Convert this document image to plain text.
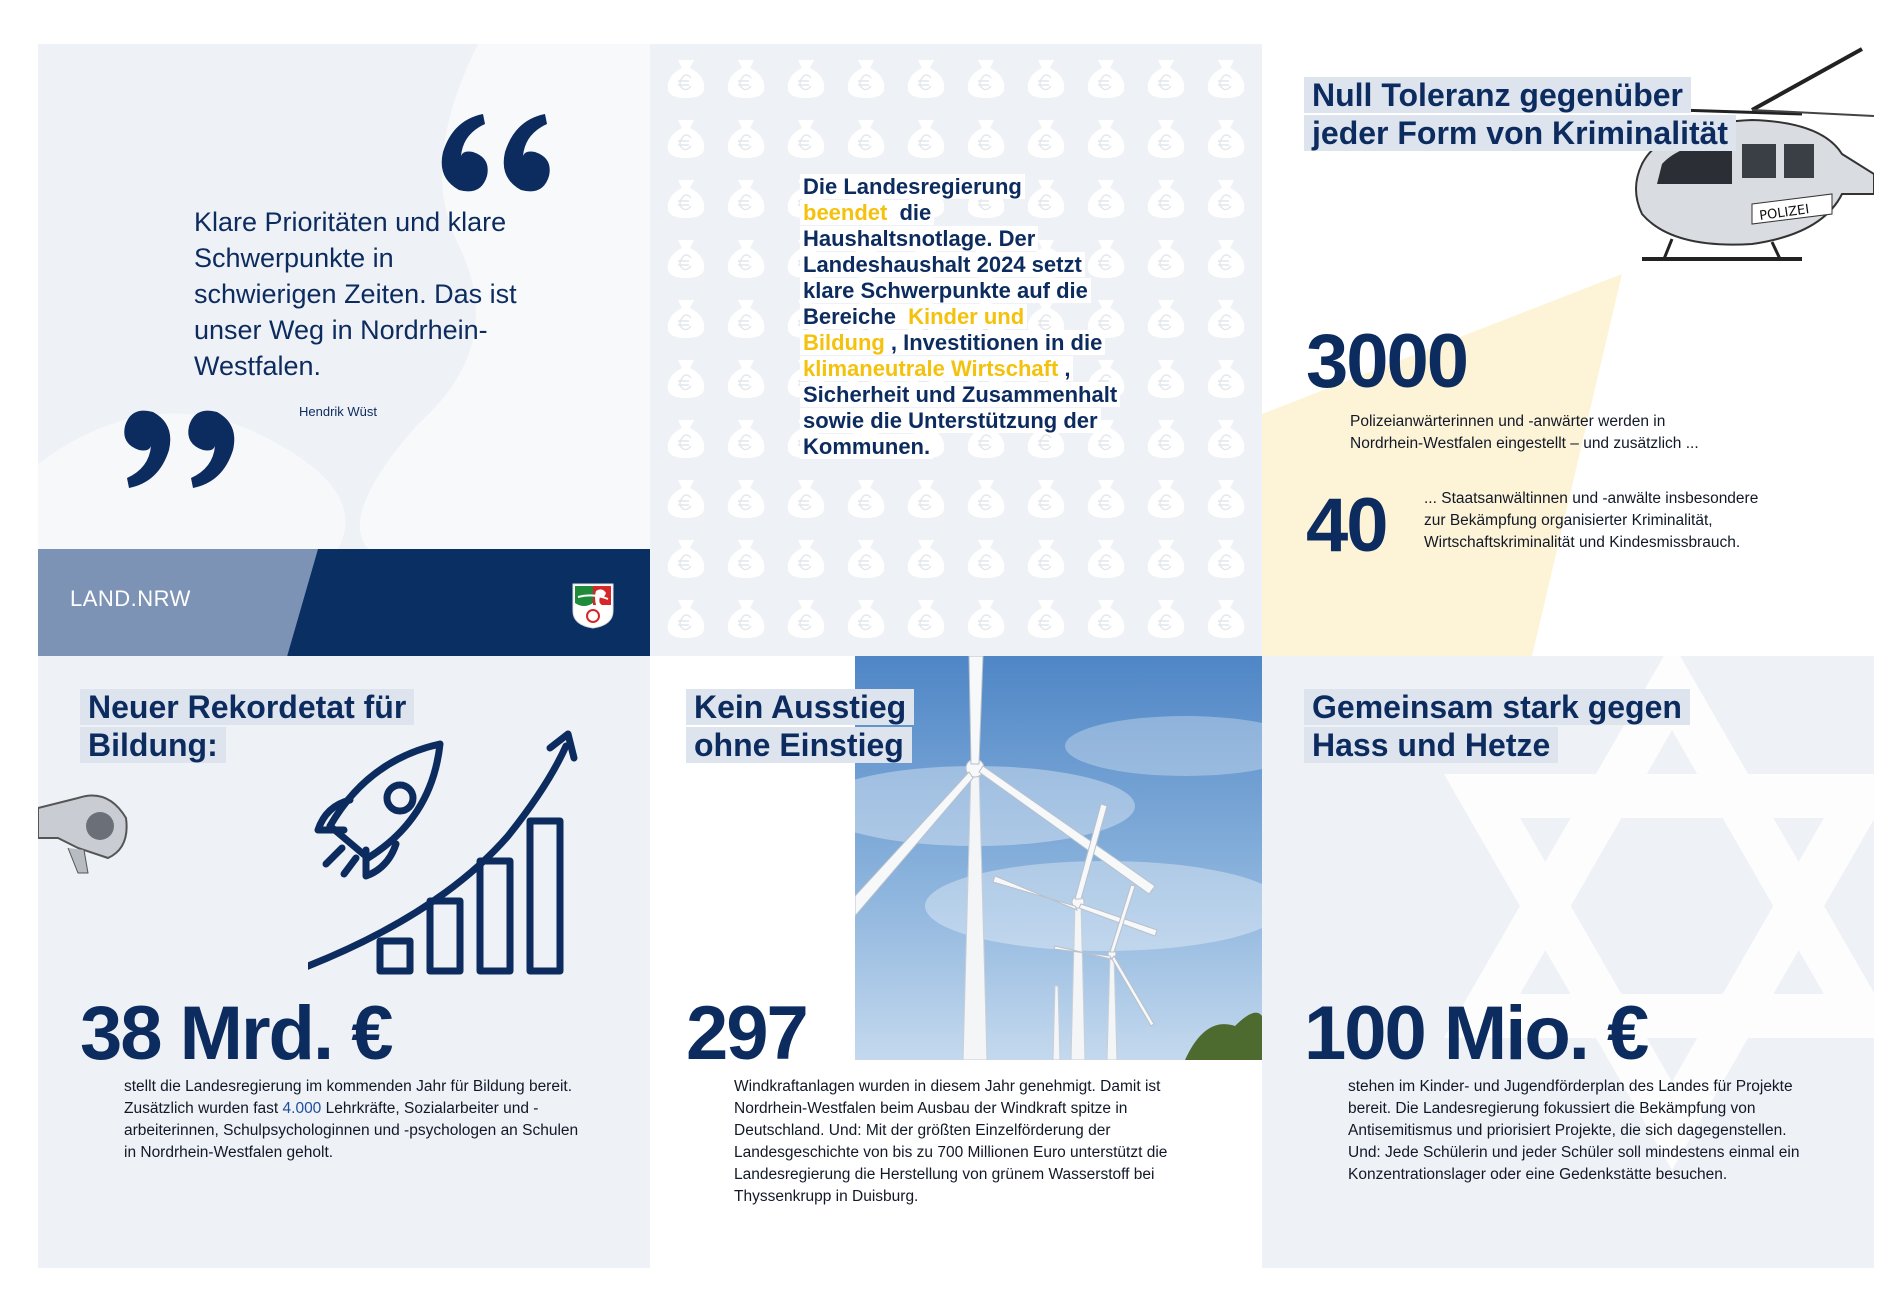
Klare Prioritäten und klare Schwerpunkte in schwierigen Zeiten. Das ist unser Weg in Nordrhein-Westfalen.
Hendrik Wüst
LAND.NRW
Die Landesregierung beendet die Haushaltsnotlage. Der Landeshaushalt 2024 setzt klare Schwerpunkte auf die Bereiche Kinder und Bildung , Investitionen in die klimaneutrale Wirtschaft , Sicherheit und Zusammenhalt sowie die Unterstützung der Kommunen.
POLIZEI
Null Toleranz gegenüber jeder Form von Kriminalität
3000
Polizeianwärterinnen und -anwärter werden in Nordrhein-Westfalen eingestellt – und zusätzlich ...
40 ... Staatsanwältinnen und -anwälte insbesondere zur Bekämpfung organisierter Kriminalität, Wirtschaftskriminalität und Kindesmissbrauch.
Neuer Rekordetat für Bildung:
38 Mrd. €
stellt die Landesregierung im kommenden Jahr für Bildung bereit. Zusätzlich wurden fast 4.000 Lehrkräfte, Sozialarbeiter und -arbeiterinnen, Schulpsychologinnen und -psychologen an Schulen in Nordrhein-Westfalen geholt.
Kein Ausstieg ohne Einstieg
297
Windkraftanlagen wurden in diesem Jahr genehmigt. Damit ist Nordrhein-Westfalen beim Ausbau der Windkraft spitze in Deutschland. Und: Mit der größten Einzelförderung der Landesgeschichte von bis zu 700 Millionen Euro unterstützt die Landesregierung die Herstellung von grünem Wasserstoff bei Thyssenkrupp in Duisburg.
Gemeinsam stark gegen Hass und Hetze
100 Mio. €
stehen im Kinder- und Jugendförderplan des Landes für Projekte bereit. Die Landesregierung fokussiert die Bekämpfung von Antisemitismus und priorisiert Projekte, die sich dagegenstellen. Und: Jede Schülerin und jeder Schüler soll mindestens einmal ein Konzentrationslager oder eine Gedenkstätte besuchen.
